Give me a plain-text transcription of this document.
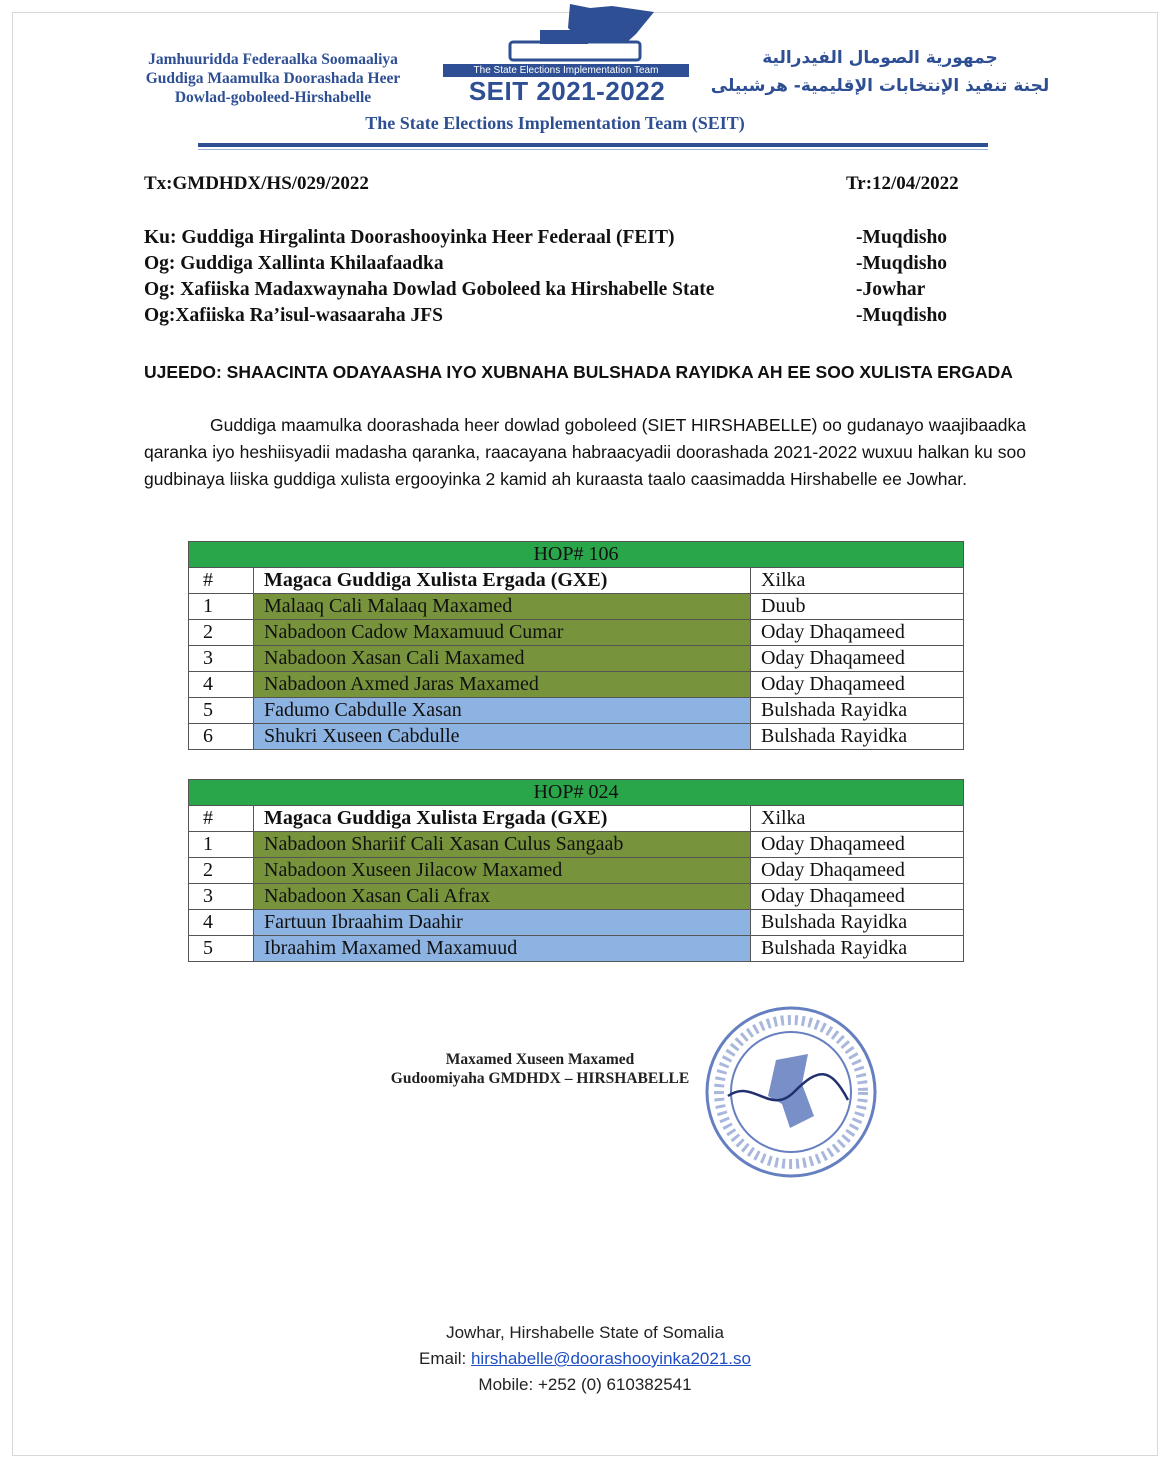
Jamhuuridda Federaalka Soomaaliya
Guddiga Maamulka Doorashada Heer
Dowlad-goboleed-Hirshabelle
The State Elections Implementation Team
SEIT 2021-2022
جمهورية الصومال الفيدرالية
لجنة تنفيذ الإنتخابات الإقليمية- هرشبيلى
The State Elections Implementation Team (SEIT)
Tx:GMDHDX/HS/029/2022	Tr:12/04/2022
Ku: Guddiga Hirgalinta Doorashooyinka Heer Federaal (FEIT)	-Muqdisho
Og: Guddiga Xallinta Khilaafaadka	-Muqdisho
Og: Xafiiska Madaxwaynaha Dowlad Goboleed ka Hirshabelle State	-Jowhar
Og:Xafiiska Ra’isul-wasaaraha JFS	-Muqdisho
UJEEDO: SHAACINTA ODAYAASHA IYO XUBNAHA BULSHADA RAYIDKA AH EE SOO XULISTA ERGADA
Guddiga maamulka doorashada heer dowlad goboleed (SIET HIRSHABELLE) oo gudanayo waajibaadka qaranka iyo heshiisyadii madasha qaranka, raacayana habraacyadii doorashada 2021-2022 wuxuu halkan ku soo gudbinaya liiska guddiga xulista ergooyinka 2 kamid ah kuraasta taalo caasimadda Hirshabelle ee Jowhar.
HOP# 106		
#	Magaca Guddiga Xulista Ergada (GXE)	Xilka
1	Malaaq Cali Malaaq Maxamed	Duub
2	Nabadoon Cadow Maxamuud Cumar	Oday Dhaqameed
3	Nabadoon Xasan Cali Maxamed	Oday Dhaqameed
4	Nabadoon Axmed Jaras Maxamed	Oday Dhaqameed
5	Fadumo Cabdulle Xasan	Bulshada Rayidka
6	Shukri Xuseen Cabdulle	Bulshada Rayidka
HOP# 024		
#	Magaca Guddiga Xulista Ergada (GXE)	Xilka
1	Nabadoon Shariif Cali Xasan Culus Sangaab	Oday Dhaqameed
2	Nabadoon Xuseen Jilacow Maxamed	Oday Dhaqameed
3	Nabadoon Xasan Cali Afrax	Oday Dhaqameed
4	Fartuun Ibraahim Daahir	Bulshada Rayidka
5	Ibraahim Maxamed Maxamuud	Bulshada Rayidka
Maxamed Xuseen Maxamed
Gudoomiyaha GMDHDX – HIRSHABELLE
Jowhar, Hirshabelle State of Somalia
Email: hirshabelle@doorashooyinka2021.so
Mobile: +252 (0) 610382541
